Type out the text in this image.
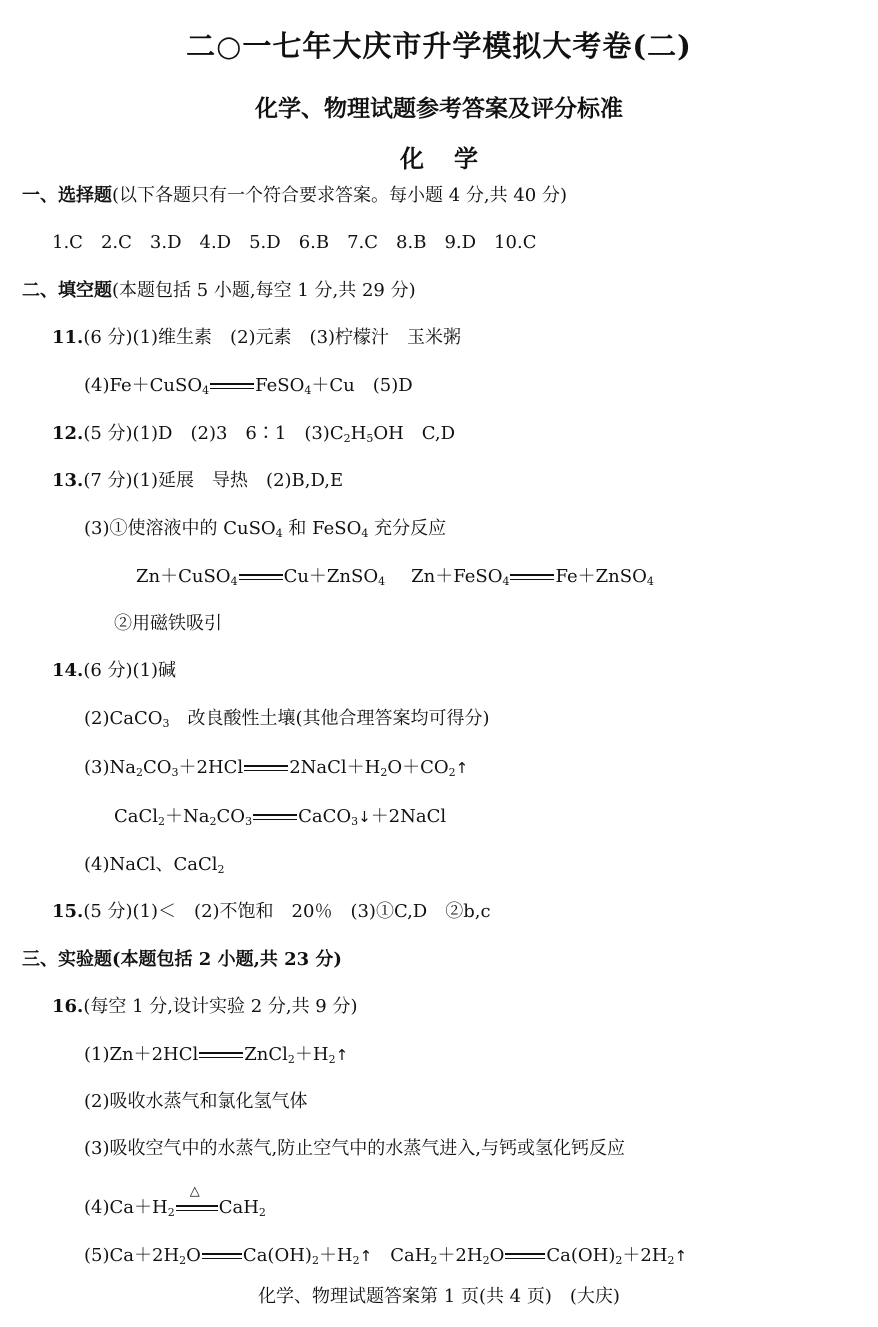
二○一七年大庆市升学模拟大考卷(二)
化学、物理试题参考答案及评分标准
化学
一、选择题(以下各题只有一个符合要求答案。每小题 4 分,共 40 分)
1.C　2.C　3.D　4.D　5.D　6.B　7.C　8.B　9.D　10.C
二、填空题(本题包括 5 小题,每空 1 分,共 29 分)
11.(6 分)(1)维生素　(2)元素　(3)柠檬汁　玉米粥
(4)Fe＋CuSO$_4$	FeSO$_4$＋Cu　(5)D
12.(5 分)(1)D　(2)3　6∶1　$(3)C_2H_5OH$　C,D
13.(7 分)(1)延展　导热　(2)B,D,E
(3)①使溶液中的 CuSO$_4$ 和 FeSO$_4$ 充分反应
Zn＋CuSO$_4$	Cu＋ZnSO$_4$ Zn＋FeSO$_4$	Fe＋ZnSO$_4$
②用磁铁吸引
14.(6 分)(1)碱
(2)CaCO$_3$　改良酸性土壤(其他合理答案均可得分)
$(3)Na_2CO_3+2HCl$	$2NaCl+H_2O+CO_2↑$
$CaCl_2+Na_2CO_3$	CaCO$_3$↓＋2NaCl
(4)NaCl、CaCl$_2$
15.(5 分)(1)＜　(2)不饱和　20％　(3)①C,D　②b,c
三、实验题(本题包括 2 小题,共 23 分)
16.(每空 1 分,设计实验 2 分,共 9 分)
(1)Zn＋2HCl	$ZnCl_2+H_2↑$
(2)吸收水蒸气和氯化氢气体
(3)吸收空气中的水蒸气,防止空气中的水蒸气进入,与钙或氢化钙反应
$(4)Ca+H_2$
△
CaH$_2$
$(5)Ca+2H_2O$ $Ca(OH)_2+H_2↑$ $CaH_2+2H_2O$ $Ca(OH)_2+2H_2↑$
化学、物理试题答案第 1 页(共 4 页)　(大庆)
